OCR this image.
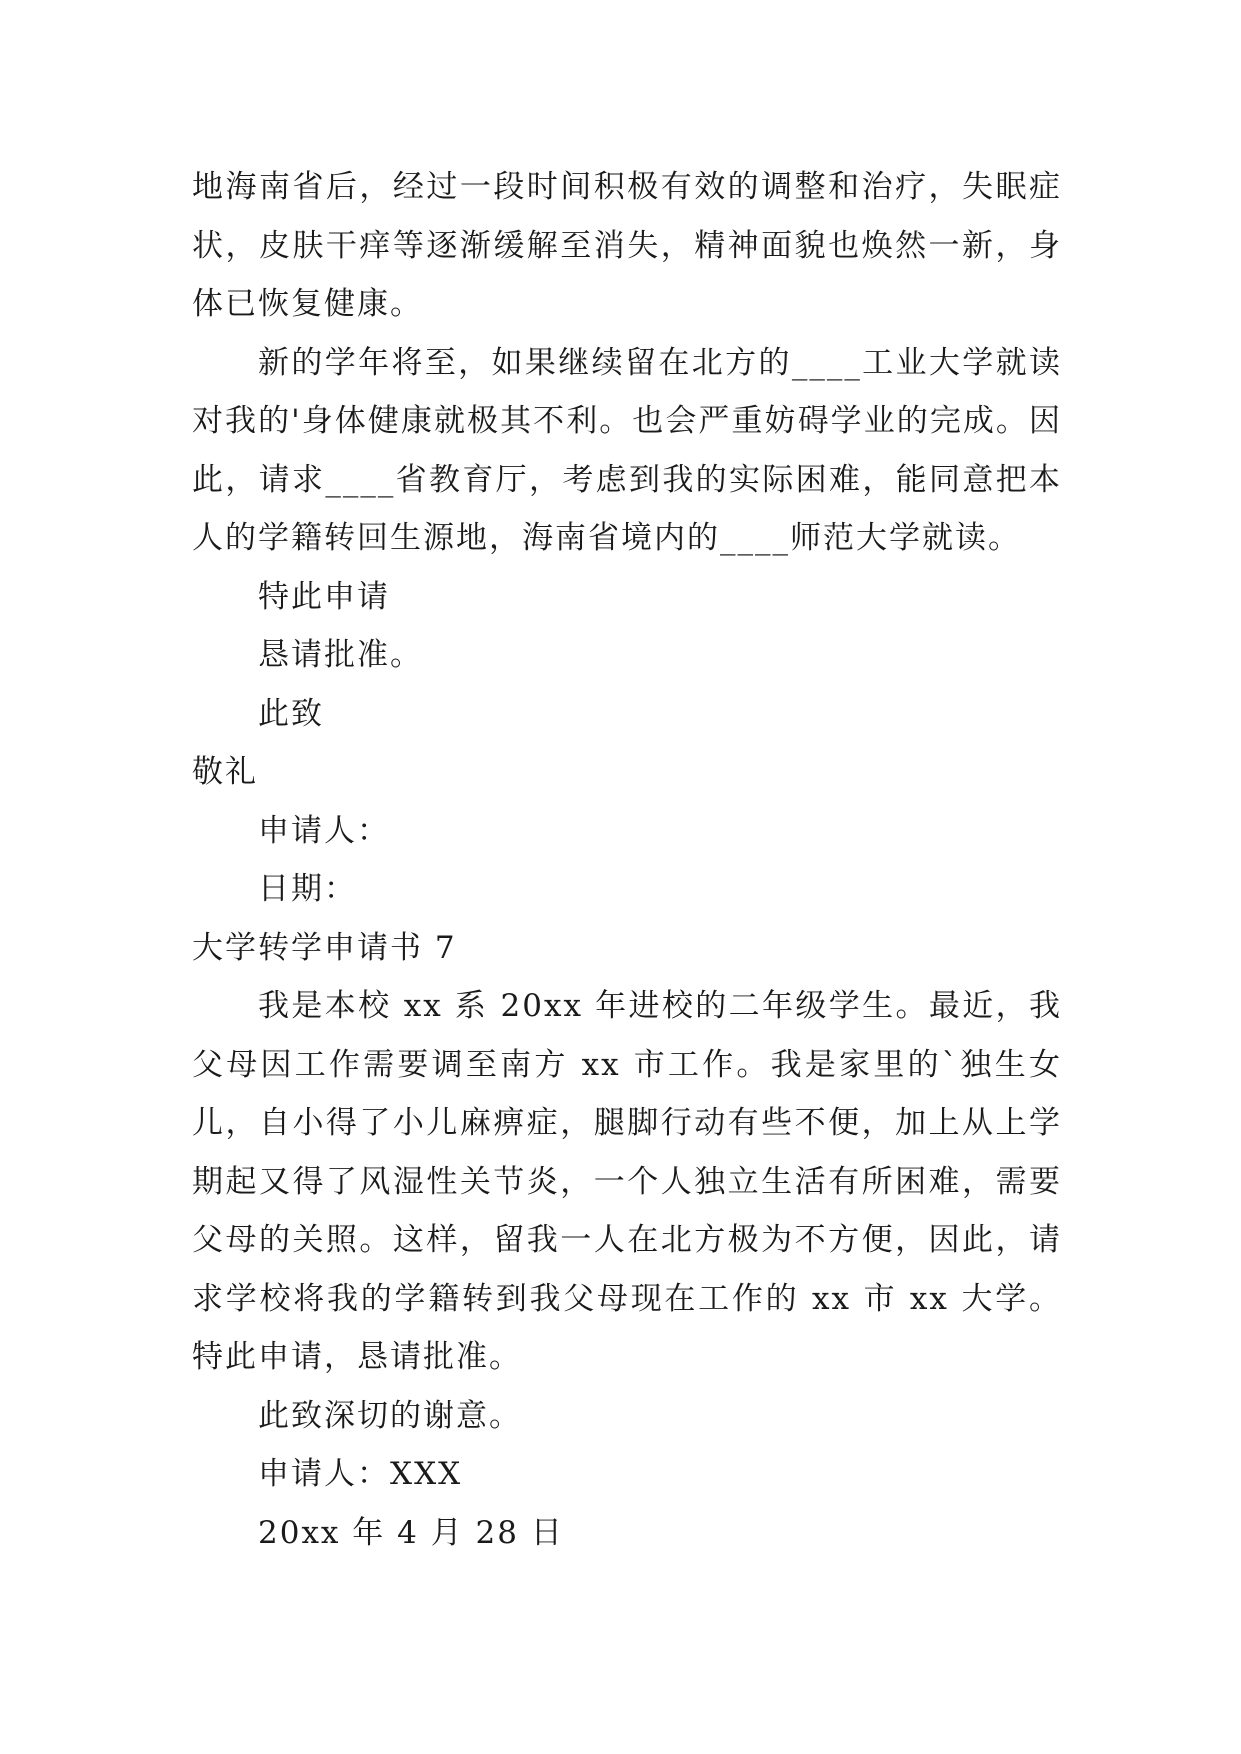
地海南省后，经过一段时间积极有效的调整和治疗，失眠症状，皮肤干痒等逐渐缓解至消失，精神面貌也焕然一新，身体已恢复健康。

新的学年将至，如果继续留在北方的____工业大学就读对我的'身体健康就极其不利。也会严重妨碍学业的完成。因此，请求____省教育厅，考虑到我的实际困难，能同意把本人的学籍转回生源地，海南省境内的____师范大学就读。

特此申请

恳请批准。

此致

敬礼

申请人：

日期：

大学转学申请书 7

我是本校 xx 系 20xx 年进校的二年级学生。最近，我父母因工作需要调至南方 xx 市工作。我是家里的`独生女儿，自小得了小儿麻痹症，腿脚行动有些不便，加上从上学期起又得了风湿性关节炎，一个人独立生活有所困难，需要父母的关照。这样，留我一人在北方极为不方便，因此，请求学校将我的学籍转到我父母现在工作的 xx 市 xx 大学。特此申请，恳请批准。

此致深切的谢意。

申请人：XXX

20xx 年 4 月 28 日
